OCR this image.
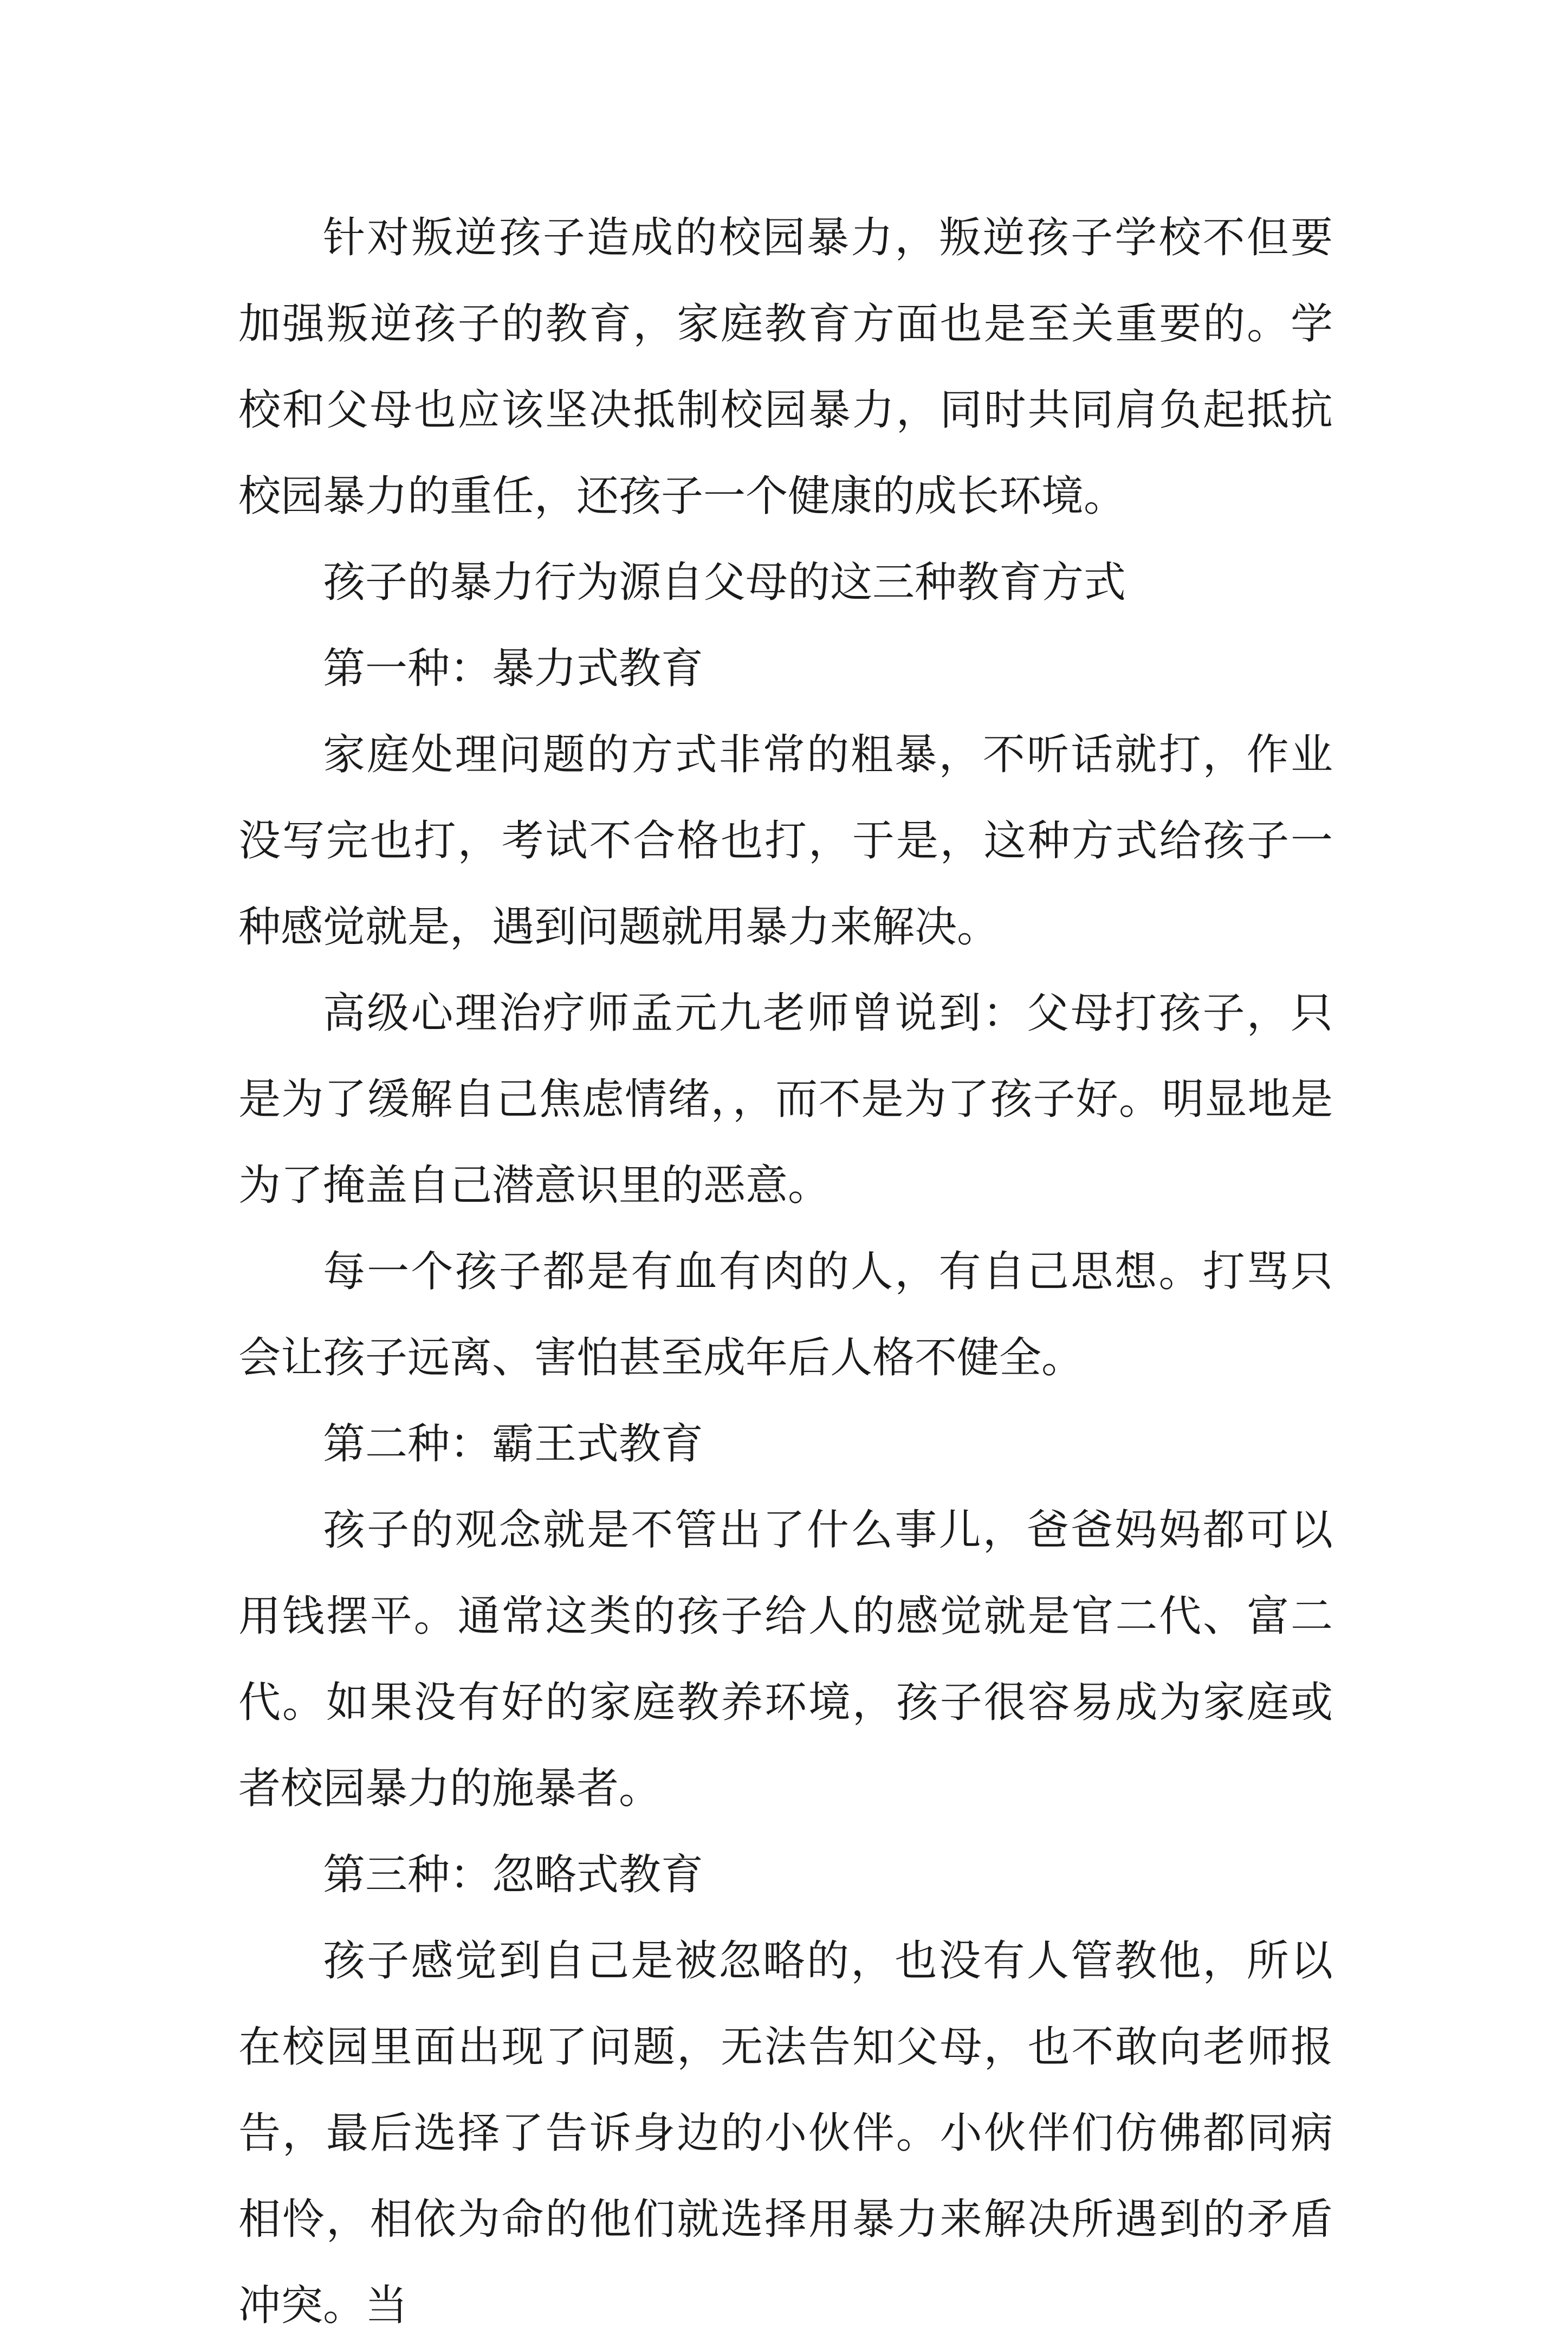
针对叛逆孩子造成的校园暴力，叛逆孩子学校不但要加强叛逆孩子的教育，家庭教育方面也是至关重要的。学校和父母也应该坚决抵制校园暴力，同时共同肩负起抵抗校园暴力的重任，还孩子一个健康的成长环境。

孩子的暴力行为源自父母的这三种教育方式

第一种：暴力式教育

家庭处理问题的方式非常的粗暴，不听话就打，作业没写完也打，考试不合格也打，于是，这种方式给孩子一种感觉就是，遇到问题就用暴力来解决。

高级心理治疗师孟元九老师曾说到：父母打孩子，只是为了缓解自己焦虑情绪，，而不是为了孩子好。明显地是为了掩盖自己潜意识里的恶意。

每一个孩子都是有血有肉的人，有自己思想。打骂只会让孩子远离、害怕甚至成年后人格不健全。

第二种：霸王式教育

孩子的观念就是不管出了什么事儿，爸爸妈妈都可以用钱摆平。通常这类的孩子给人的感觉就是官二代、富二代。如果没有好的家庭教养环境，孩子很容易成为家庭或者校园暴力的施暴者。

第三种：忽略式教育

孩子感觉到自己是被忽略的，也没有人管教他，所以在校园里面出现了问题，无法告知父母，也不敢向老师报告，最后选择了告诉身边的小伙伴。小伙伴们仿佛都同病相怜，相依为命的他们就选择用暴力来解决所遇到的矛盾冲突。当
